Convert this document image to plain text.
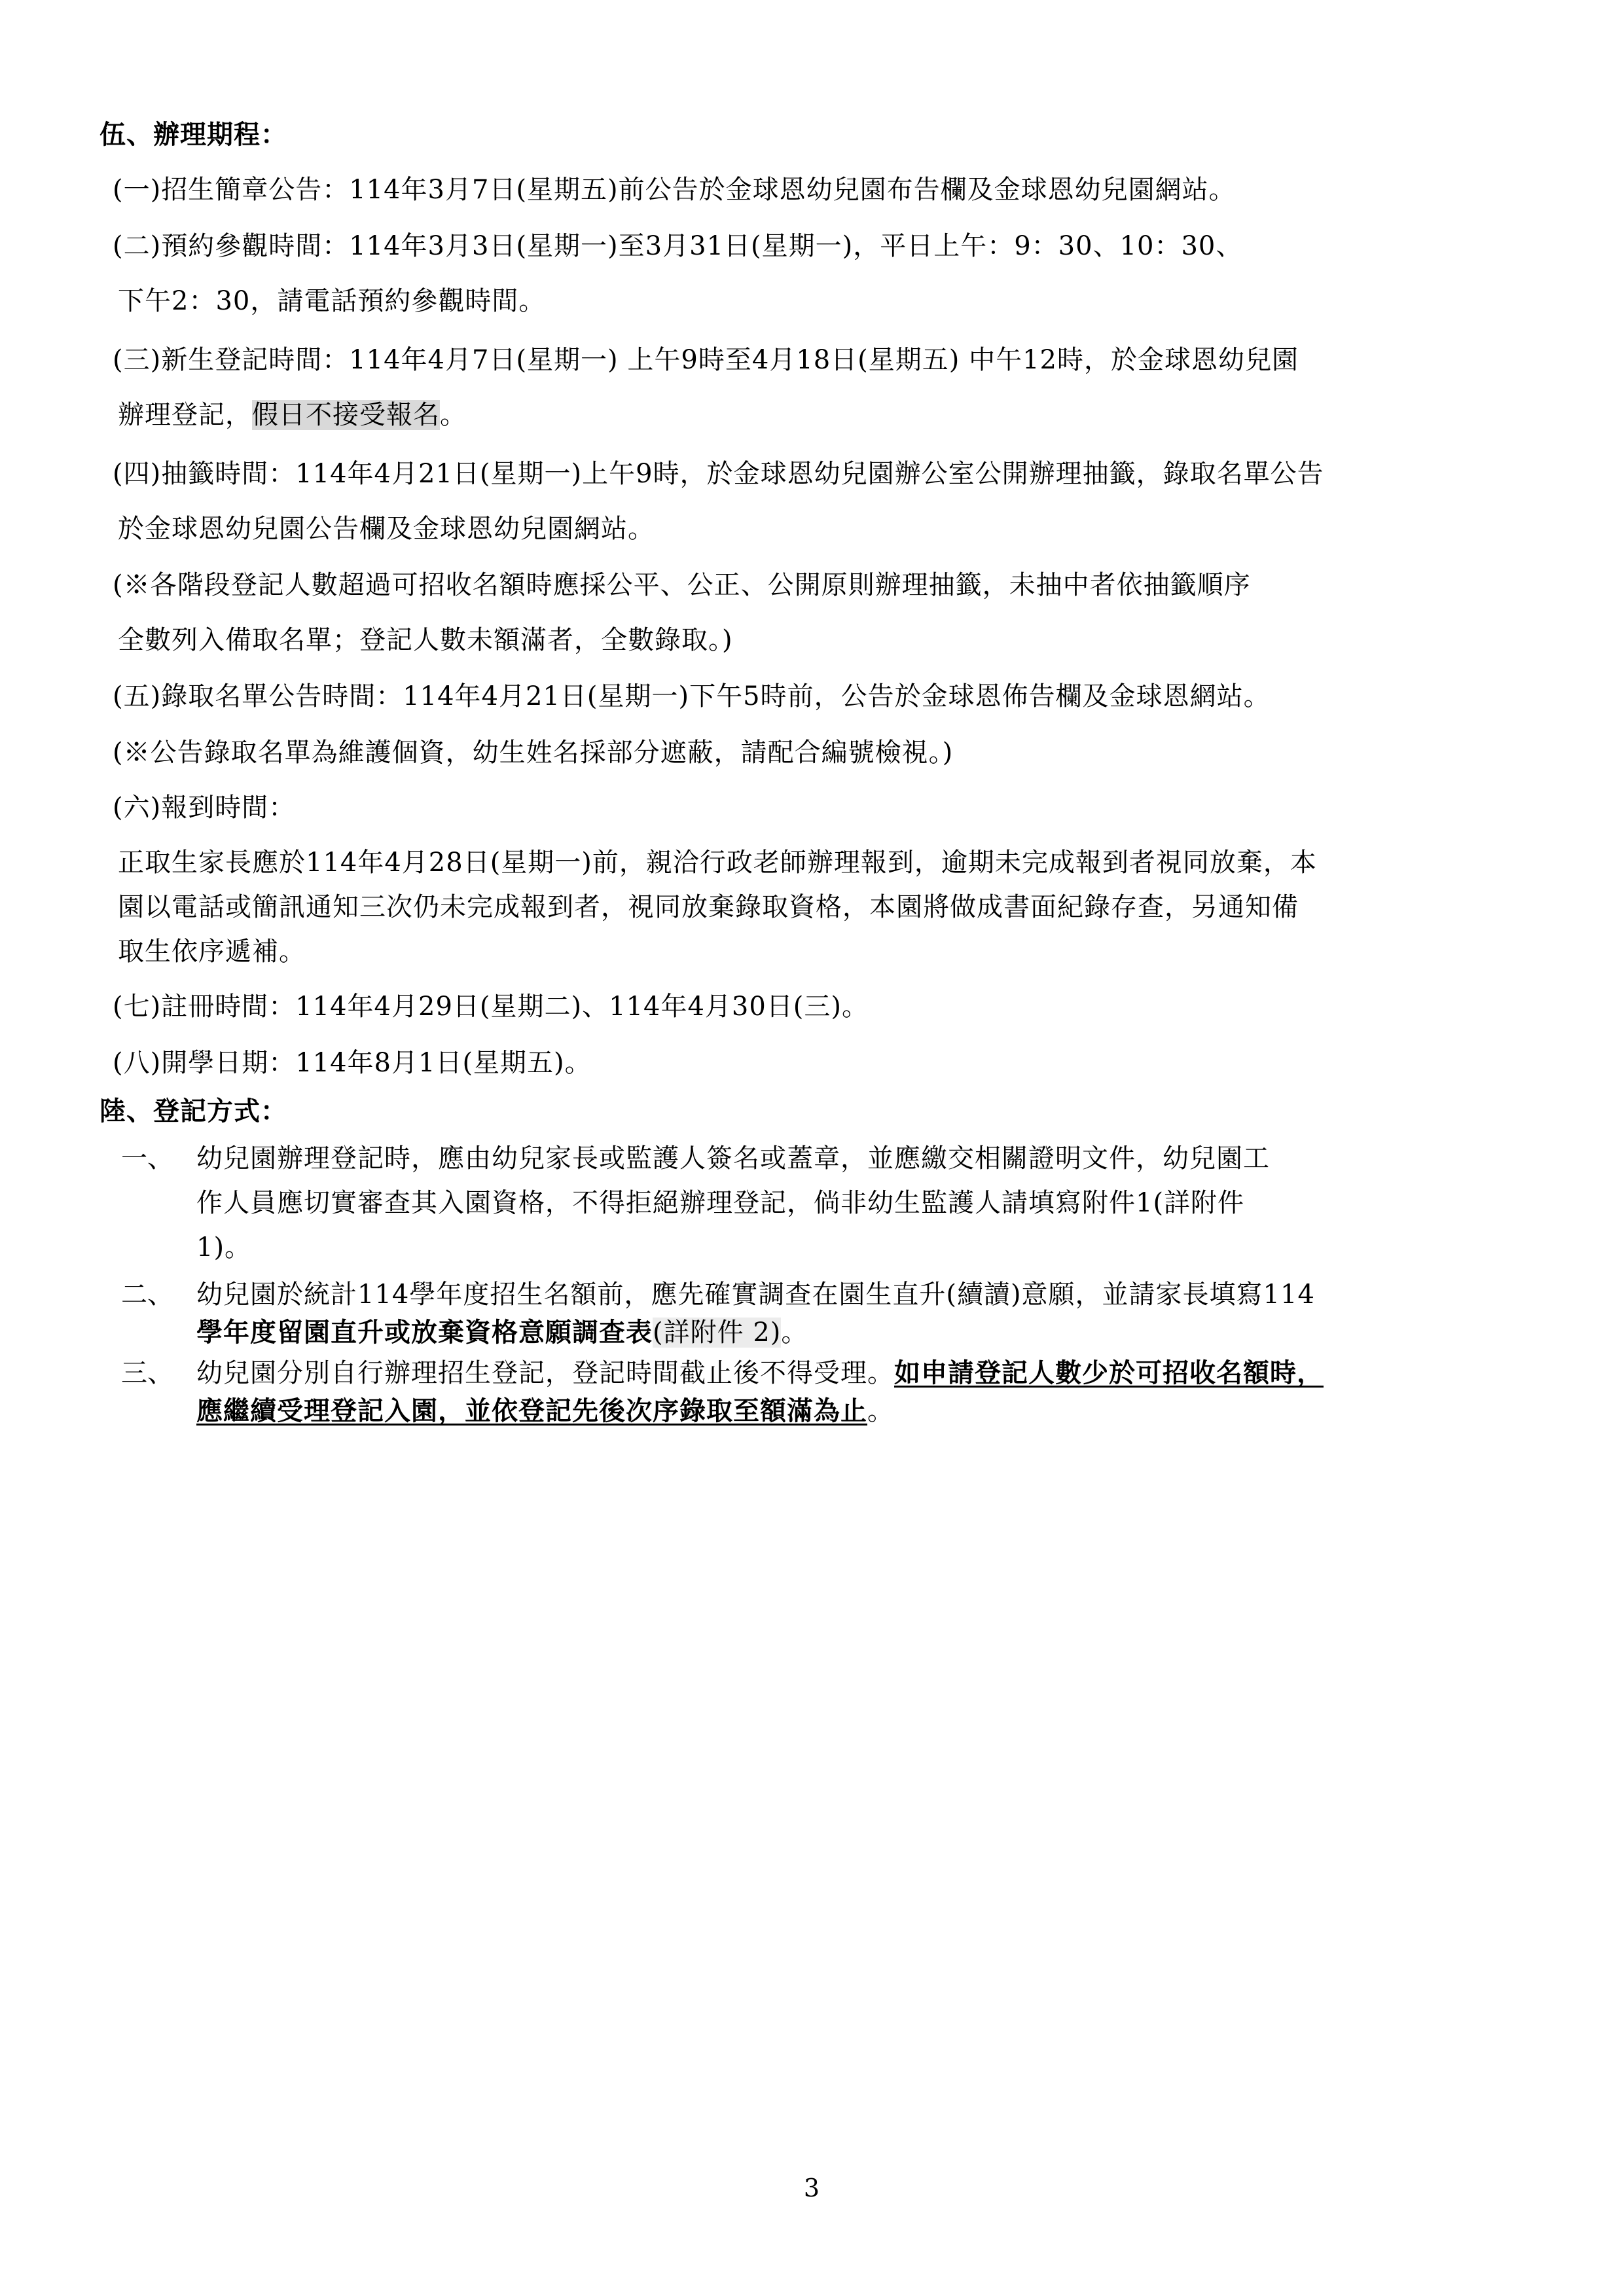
伍、辦理期程：
(一)招生簡章公告：114年3月7日(星期五)前公告於金球恩幼兒園布告欄及金球恩幼兒園網站。
(二)預約參觀時間：114年3月3日(星期一)至3月31日(星期一)，平日上午：9：30、10：30、
下午2：30，請電話預約參觀時間。
(三)新生登記時間：114年4月7日(星期一) 上午9時至4月18日(星期五) 中午12時，於金球恩幼兒園
辦理登記，假日不接受報名。
(四)抽籤時間：114年4月21日(星期一)上午9時，於金球恩幼兒園辦公室公開辦理抽籤，錄取名單公告
於金球恩幼兒園公告欄及金球恩幼兒園網站。
(※各階段登記人數超過可招收名額時應採公平、公正、公開原則辦理抽籤，未抽中者依抽籤順序
全數列入備取名單；登記人數未額滿者，全數錄取。)
(五)錄取名單公告時間：114年4月21日(星期一)下午5時前，公告於金球恩佈告欄及金球恩網站。
(※公告錄取名單為維護個資，幼生姓名採部分遮蔽，請配合編號檢視。)
(六)報到時間：
正取生家長應於114年4月28日(星期一)前，親洽行政老師辦理報到，逾期未完成報到者視同放棄，本
園以電話或簡訊通知三次仍未完成報到者，視同放棄錄取資格，本園將做成書面紀錄存查，另通知備
取生依序遞補。
(七)註冊時間：114年4月29日(星期二)、114年4月30日(三)。
(八)開學日期：114年8月1日(星期五)。
陸、登記方式：
一、 幼兒園辦理登記時，應由幼兒家長或監護人簽名或蓋章，並應繳交相關證明文件，幼兒園工
作人員應切實審查其入園資格，不得拒絕辦理登記，倘非幼生監護人請填寫附件1(詳附件
1)。
二、 幼兒園於統計114學年度招生名額前，應先確實調查在園生直升(續讀)意願，並請家長填寫114
學年度留園直升或放棄資格意願調查表(詳附件 2)。
三、 幼兒園分別自行辦理招生登記，登記時間截止後不得受理。如申請登記人數少於可招收名額時，
應繼續受理登記入園，並依登記先後次序錄取至額滿為止。
3
